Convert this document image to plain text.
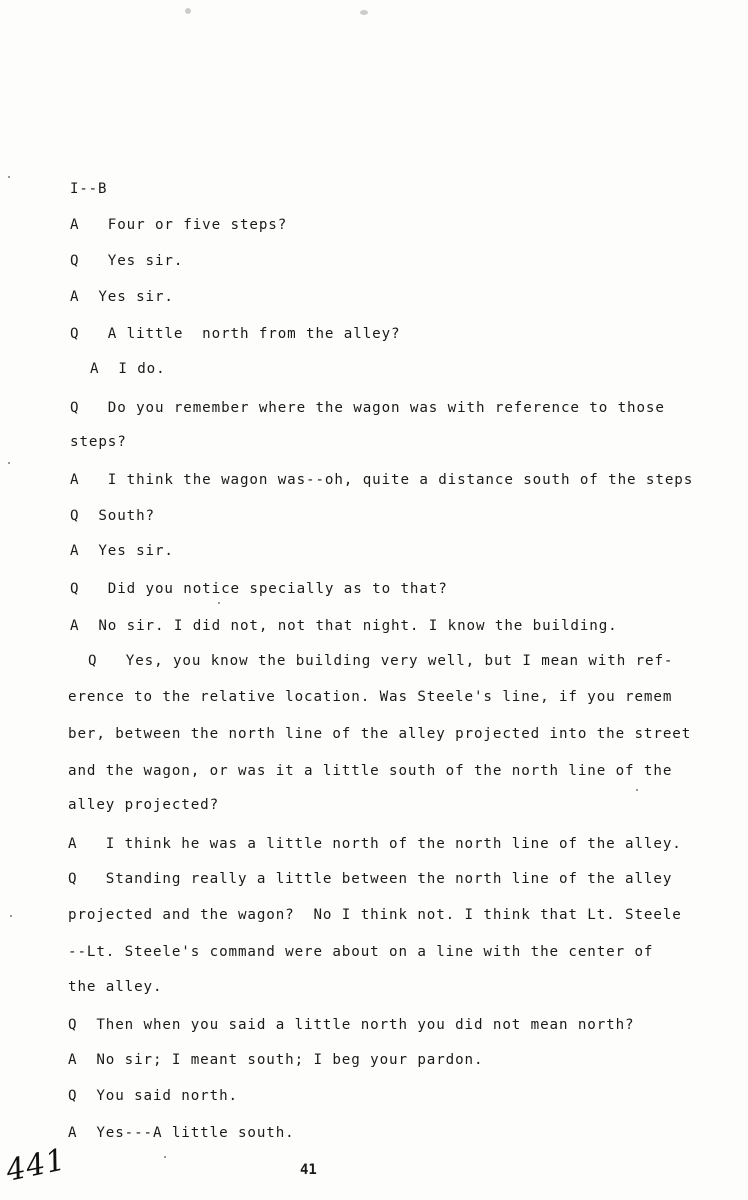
I--B
A   Four or five steps?
Q   Yes sir.
A  Yes sir.
Q   A little  north from the alley?
A  I do.
Q   Do you remember where the wagon was with reference to those
steps?
A   I think the wagon was--oh, quite a distance south of the steps
Q  South?
A  Yes sir.
Q   Did you notice specially as to that?
A  No sir. I did not, not that night. I know the building.
Q   Yes, you know the building very well, but I mean with ref-
erence to the relative location. Was Steele's line, if you remem
ber, between the north line of the alley projected into the street
and the wagon, or was it a little south of the north line of the
alley projected?
A   I think he was a little north of the north line of the alley.
Q   Standing really a little between the north line of the alley
projected and the wagon?  No I think not. I think that Lt. Steele
--Lt. Steele's command were about on a line with the center of
the alley.
Q  Then when you said a little north you did not mean north?
A  No sir; I meant south; I beg your pardon.
Q  You said north.
A  Yes---A little south.
41
441
